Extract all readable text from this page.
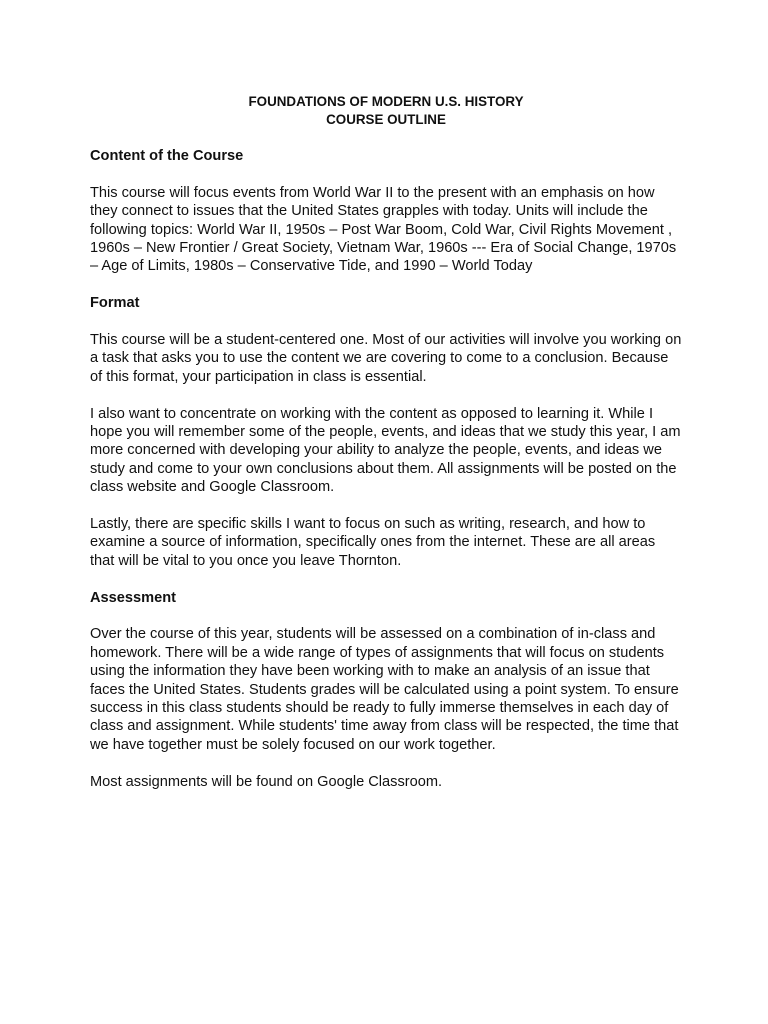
FOUNDATIONS OF MODERN U.S. HISTORY

COURSE OUTLINE

Content of the Course

This course will focus events from World War II to the present with an emphasis on how they connect to issues that the United States grapples with today. Units will include the following topics: World War II, 1950s – Post War Boom, Cold War, Civil Rights Movement , 1960s – New Frontier / Great Society, Vietnam War, 1960s --- Era of Social Change, 1970s – Age of Limits, 1980s – Conservative Tide, and 1990 – World Today

Format

This course will be a student-centered one. Most of our activities will involve you working on a task that asks you to use the content we are covering to come to a conclusion. Because of this format, your participation in class is essential.

I also want to concentrate on working with the content as opposed to learning it. While I hope you will remember some of the people, events, and ideas that we study this year, I am more concerned with developing your ability to analyze the people, events, and ideas we study and come to your own conclusions about them. All assignments will be posted on the class website and Google Classroom.

Lastly, there are specific skills I want to focus on such as writing, research, and how to examine a source of information, specifically ones from the internet. These are all areas that will be vital to you once you leave Thornton.

Assessment

Over the course of this year, students will be assessed on a combination of in-class and homework. There will be a wide range of types of assignments that will focus on students using the information they have been working with to make an analysis of an issue that faces the United States. Students grades will be calculated using a point system. To ensure success in this class students should be ready to fully immerse themselves in each day of class and assignment. While students' time away from class will be respected, the time that we have together must be solely focused on our work together.

Most assignments will be found on Google Classroom.
